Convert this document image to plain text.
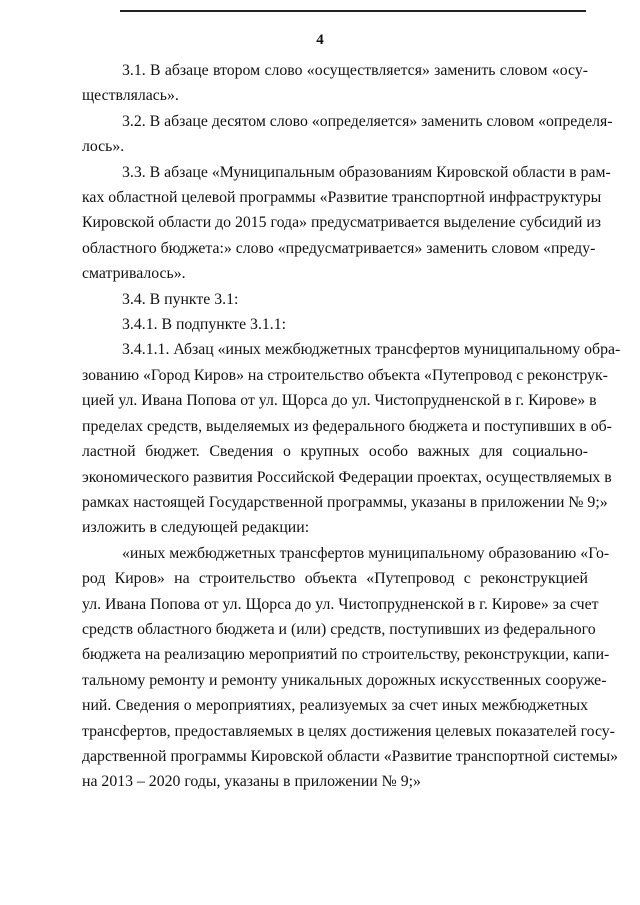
4
3.1. В абзаце втором слово «осуществляется» заменить словом «осу-
ществлялась».
3.2. В абзаце десятом слово «определяется» заменить словом «определя-
лось».
3.3. В абзаце «Муниципальным образованиям Кировской области в рам-
ках областной целевой программы «Развитие транспортной инфраструктуры
Кировской области до 2015 года» предусматривается выделение субсидий из
областного бюджета:» слово «предусматривается» заменить словом «преду-
сматривалось».
3.4. В пункте 3.1:
3.4.1. В подпункте 3.1.1:
3.4.1.1. Абзац «иных межбюджетных трансфертов муниципальному обра-
зованию «Город Киров» на строительство объекта «Путепровод с реконструк-
цией ул. Ивана Попова от ул. Щорса до ул. Чистопрудненской в г. Кирове» в
пределах средств, выделяемых из федерального бюджета и поступивших в об-
ластной бюджет. Сведения о крупных особо важных для социально-
экономического развития Российской Федерации проектах, осуществляемых в
рамках настоящей Государственной программы, указаны в приложении № 9;»
изложить в следующей редакции:
«иных межбюджетных трансфертов муниципальному образованию «Го-
род Киров» на строительство объекта «Путепровод с реконструкцией
ул. Ивана Попова от ул. Щорса до ул. Чистопрудненской в г. Кирове» за счет
средств областного бюджета и (или) средств, поступивших из федерального
бюджета на реализацию мероприятий по строительству, реконструкции, капи-
тальному ремонту и ремонту уникальных дорожных искусственных сооруже-
ний. Сведения о мероприятиях, реализуемых за счет иных межбюджетных
трансфертов, предоставляемых в целях достижения целевых показателей госу-
дарственной программы Кировской области «Развитие транспортной системы»
на 2013 – 2020 годы, указаны в приложении № 9;»
